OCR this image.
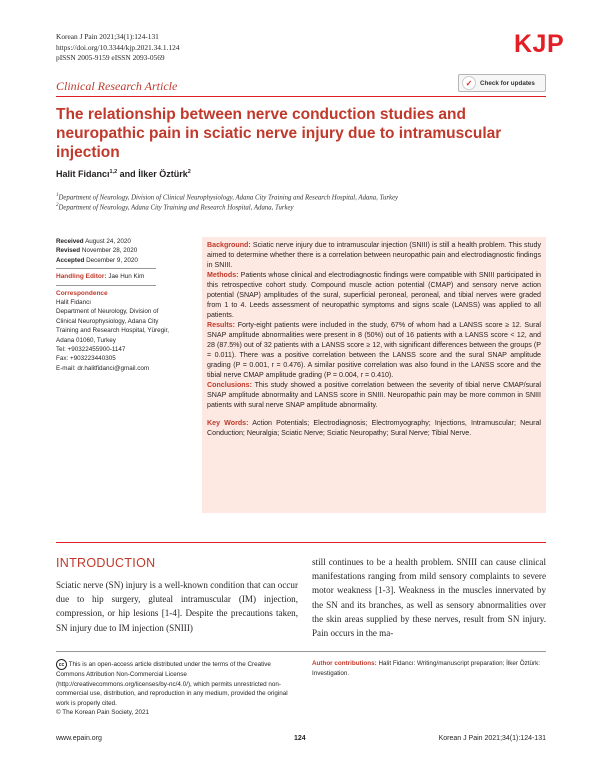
Korean J Pain 2021;34(1):124-131
https://doi.org/10.3344/kjp.2021.34.1.124
pISSN 2005-9159 eISSN 2093-0569	KJP
Clinical Research Article	✓	Check for updates
The relationship between nerve conduction studies and neuropathic pain in sciatic nerve injury due to intramuscular injection
Halit Fidancı$^{1,2}$ and İlker Öztürk$^2$
$^1$Department of Neurology, Division of Clinical Neurophysiology, Adana City Training and Research Hospital, Adana, Turkey
$^2$Department of Neurology, Adana City Training and Research Hospital, Adana, Turkey
Received August 24, 2020
Revised November 28, 2020
Accepted December 9, 2020
Handling Editor: Jae Hun Kim
Correspondence
Halit Fidancı
Department of Neurology, Division of
Clinical Neurophysiology, Adana City
Training and Research Hospital, Yüregir,
Adana 01060, Turkey
Tel: +90322455900-1147
Fax: +903223440305
E-mail: dr.halitfidanci@gmail.com

Background: Sciatic nerve injury due to intramuscular injection (SNIII) is still a health problem. This study aimed to determine whether there is a correlation between neuropathic pain and electrodiagnostic findings in SNIII.

Methods: Patients whose clinical and electrodiagnostic findings were compatible with SNIII participated in this retrospective cohort study. Compound muscle action potential (CMAP) and sensory nerve action potential (SNAP) amplitudes of the sural, superficial peroneal, peroneal, and tibial nerves were graded from 1 to 4. Leeds assessment of neuropathic symptoms and signs scale (LANSS) was applied to all patients.

Results: Forty-eight patients were included in the study, 67% of whom had a LANSS score ≥ 12. Sural SNAP amplitude abnormalities were present in 8 (50%) out of 16 patients with a LANSS score < 12, and 28 (87.5%) out of 32 patients with a LANSS score ≥ 12, with significant differences between the groups (P = 0.011). There was a positive correlation between the LANSS score and the sural SNAP amplitude grading (P = 0.001, r = 0.476). A similar positive correlation was also found in the LANSS score and the tibial nerve CMAP amplitude grading (P = 0.004, r = 0.410).

Conclusions: This study showed a positive correlation between the severity of tibial nerve CMAP/sural SNAP amplitude abnormality and LANSS score in SNIII. Neuropathic pain may be more common in SNIII patients with sural nerve SNAP amplitude abnormality.

Key Words: Action Potentials; Electrodiagnosis; Electromyography; Injections, Intramuscular; Neural Conduction; Neuralgia; Sciatic Nerve; Sciatic Neuropathy; Sural Nerve; Tibial Nerve.

INTRODUCTION
Sciatic nerve (SN) injury is a well-known condition that can occur due to hip surgery, gluteal intramuscular (IM) injection, compression, or hip lesions [1-4]. Despite the precautions taken, SN injury due to IM injection (SNIII)
still continues to be a health problem. SNIII can cause clinical manifestations ranging from mild sensory complaints to severe motor weakness [1-3]. Weakness in the muscles innervated by the SN and its branches, as well as sensory abnormalities over the skin areas supplied by these nerves, result from SN injury. Pain occurs in the ma-
cc This is an open-access article distributed under the terms of the Creative Commons Attribution Non-Commercial License (http://creativecommons.org/licenses/by-nc/4.0/), which permits unrestricted non-commercial use, distribution, and reproduction in any medium, provided the original work is properly cited.
© The Korean Pain Society, 2021
Author contributions: Halit Fidancı: Writing/manuscript preparation; İlker Öztürk: Investigation.
www.epain.org	124	Korean J Pain 2021;34(1):124-131
